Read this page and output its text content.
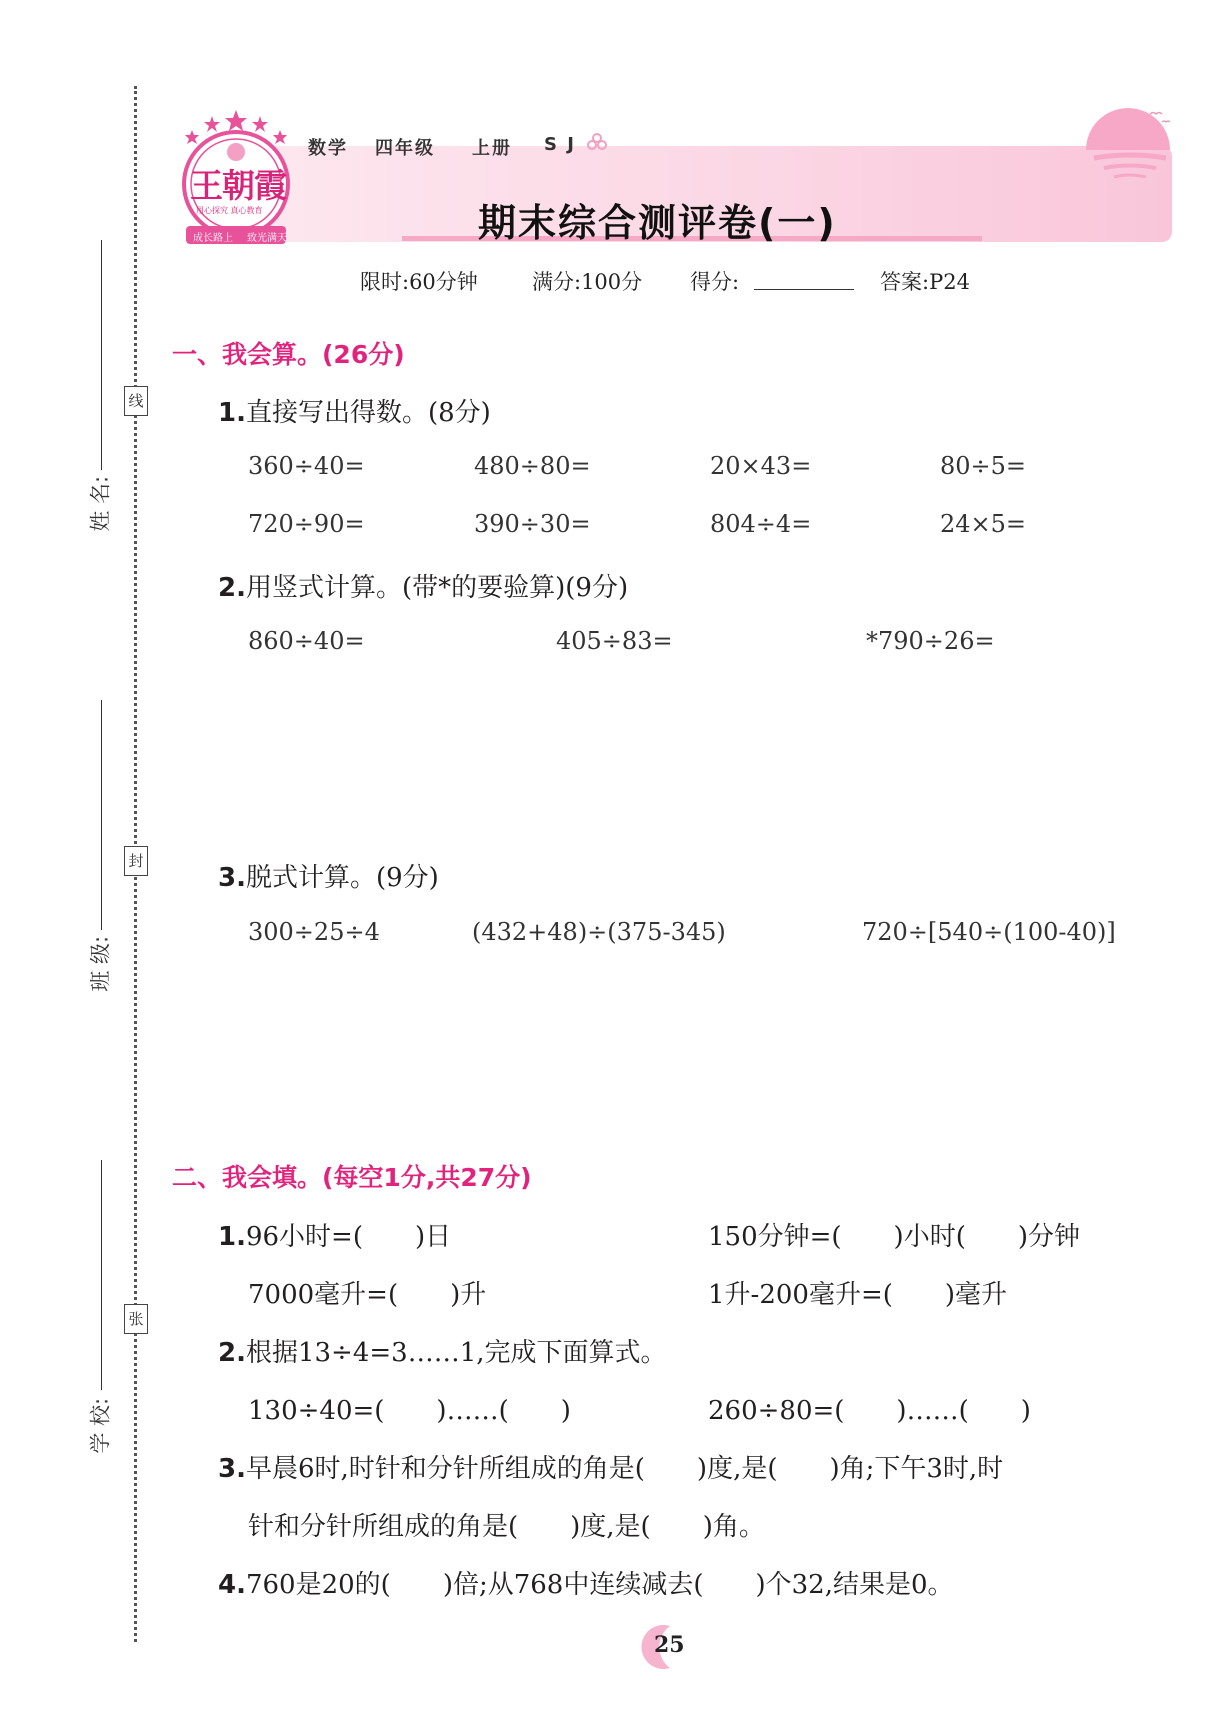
线
封
张
姓 名:
班 级:
学 校:
王朝霞
用心探究 真心教育
成长路上 致光满天
数学 四年级 上册 S J
期末综合测评卷(一)
限时:60分钟	满分:100分 得分:	答案:P24
一、我会算。(26分)
1.直接写出得数。(8分)
360÷40=	480÷80=	20×43=	80÷5=
720÷90=	390÷30=	804÷4=	24×5=
2.用竖式计算。(带*的要验算)(9分)
860÷40=	405÷83=	*790÷26=
3.脱式计算。(9分)
300÷25÷4	(432+48)÷(375-345)	720÷[540÷(100-40)]
二、我会填。(每空1分,共27分)
1.96小时=(　　)日	150分钟=(　　)小时(　　)分钟
7000毫升=(　　)升	1升-200毫升=(　　)毫升
2.根据13÷4=3……1,完成下面算式。
130÷40=(　　)……(　　)	260÷80=(　　)……(　　)
3.早晨6时,时针和分针所组成的角是(　　)度,是(　　)角;下午3时,时
针和分针所组成的角是(　　)度,是(　　)角。
4.760是20的(　　)倍;从768中连续减去(　　)个32,结果是0。
25
